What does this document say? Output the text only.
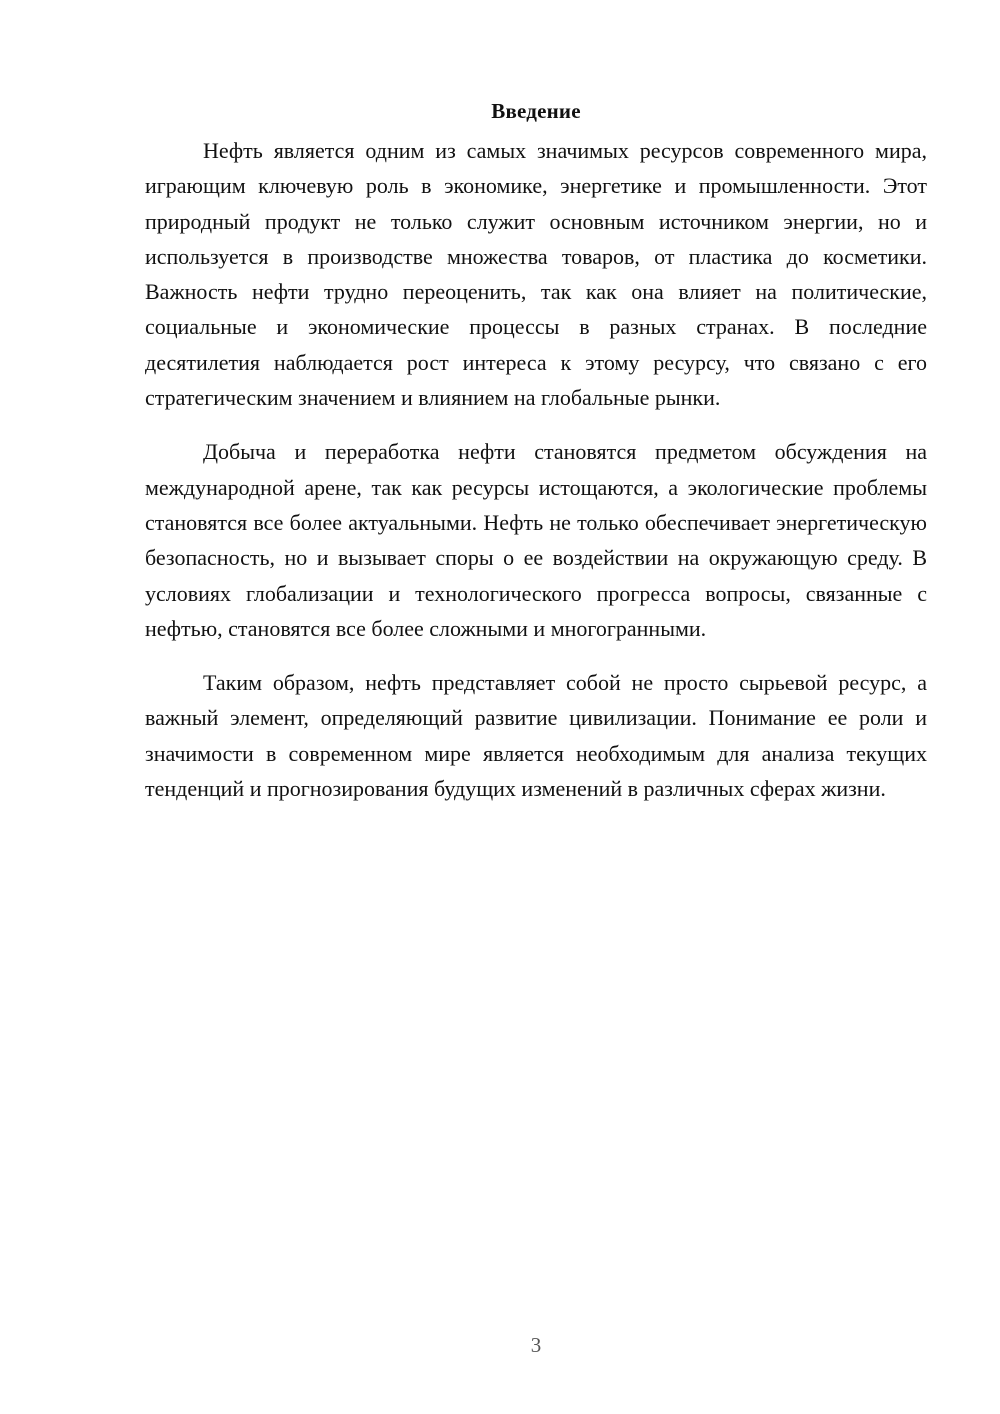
Введение

Нефть является одним из самых значимых ресурсов современного мира, играющим ключевую роль в экономике, энергетике и промышленности. Этот природный продукт не только служит основным источником энергии, но и используется в производстве множества товаров, от пластика до косметики. Важность нефти трудно переоценить, так как она влияет на политические, социальные и экономические процессы в разных странах. В последние десятилетия наблюдается рост интереса к этому ресурсу, что связано с его стратегическим значением и влиянием на глобальные рынки.

Добыча и переработка нефти становятся предметом обсуждения на международной арене, так как ресурсы истощаются, а экологические проблемы становятся все более актуальными. Нефть не только обеспечивает энергетическую безопасность, но и вызывает споры о ее воздействии на окружающую среду. В условиях глобализации и технологического прогресса вопросы, связанные с нефтью, становятся все более сложными и многогранными.

Таким образом, нефть представляет собой не просто сырьевой ресурс, а важный элемент, определяющий развитие цивилизации. Понимание ее роли и значимости в современном мире является необходимым для анализа текущих тенденций и прогнозирования будущих изменений в различных сферах жизни.

3
